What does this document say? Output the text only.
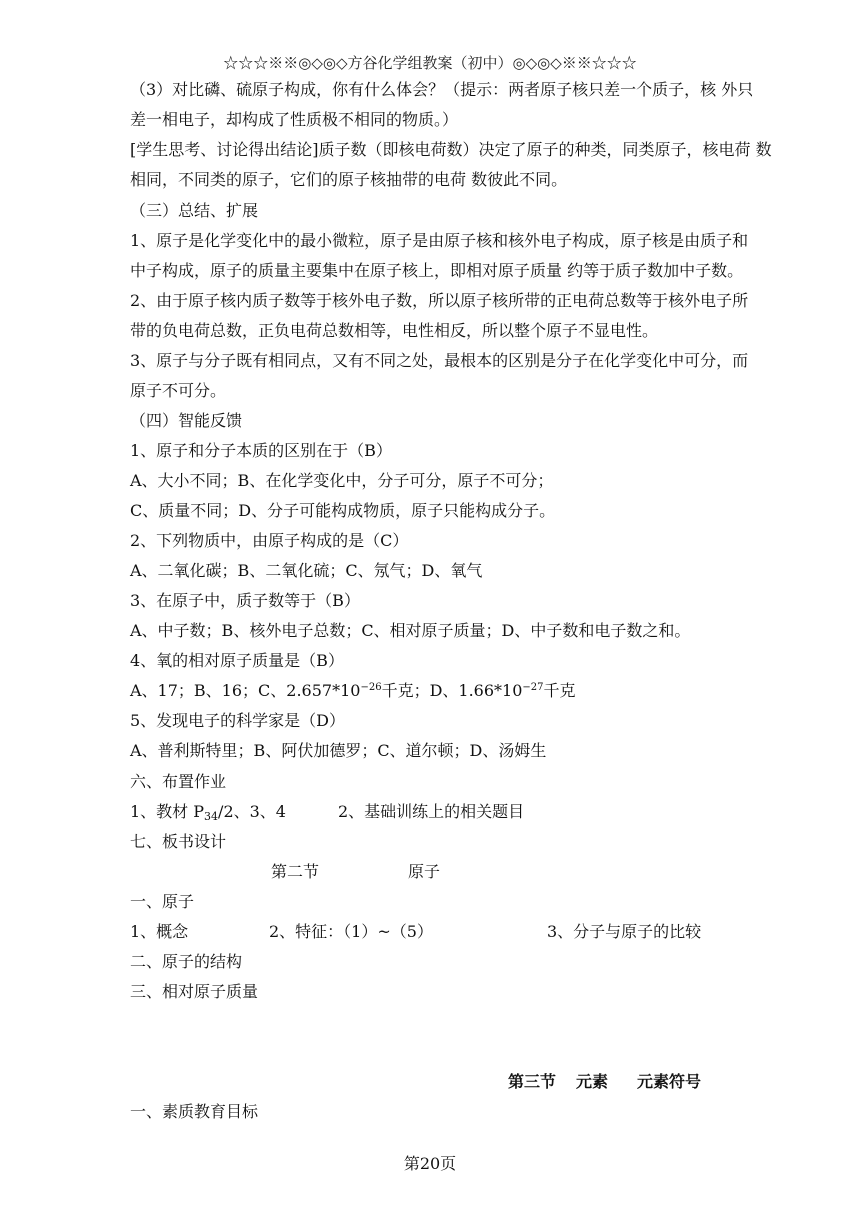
☆☆☆※※◎◇◎◇方谷化学组教案（初中）◎◇◎◇※※☆☆☆
（3）对比磷、硫原子构成，你有什么体会？（提示：两者原子核只差一个质子，核 外只
差一相电子，却构成了性质极不相同的物质。）
[学生思考、讨论得出结论]质子数（即核电荷数）决定了原子的种类，同类原子，核电荷 数
相同，不同类的原子，它们的原子核抽带的电荷 数彼此不同。
（三）总结、扩展
1、原子是化学变化中的最小微粒，原子是由原子核和核外电子构成，原子核是由质子和
中子构成，原子的质量主要集中在原子核上，即相对原子质量 约等于质子数加中子数。
2、由于原子核内质子数等于核外电子数，所以原子核所带的正电荷总数等于核外电子所
带的负电荷总数，正负电荷总数相等，电性相反，所以整个原子不显电性。
3、原子与分子既有相同点，又有不同之处，最根本的区别是分子在化学变化中可分，而
原子不可分。
（四）智能反馈
1、原子和分子本质的区别在于（B）
A、大小不同；B、在化学变化中，分子可分，原子不可分；
C、质量不同；D、分子可能构成物质，原子只能构成分子。
2、下列物质中，由原子构成的是（C）
A、二氧化碳；B、二氧化硫；C、氖气；D、氧气
3、在原子中，质子数等于（B）
A、中子数；B、核外电子总数；C、相对原子质量；D、中子数和电子数之和。
4、氧的相对原子质量是（B）
A、17；B、16；C、$2.657*10^{-26}$千克；D、$1.66*10^{-27}$千克
5、发现电子的科学家是（D）
A、普利斯特里；B、阿伏加德罗；C、道尔顿；D、汤姆生
六、布置作业
1、教材 $P_{34}/2$、3、4	2、基础训练上的相关题目
七、板书设计
第二节	原子
一、原子
1、概念	2、特征：（1）~（5）	3、分子与原子的比较
二、原子的结构
三、相对原子质量
第三节 元素 元素符号
一、素质教育目标
第20页
